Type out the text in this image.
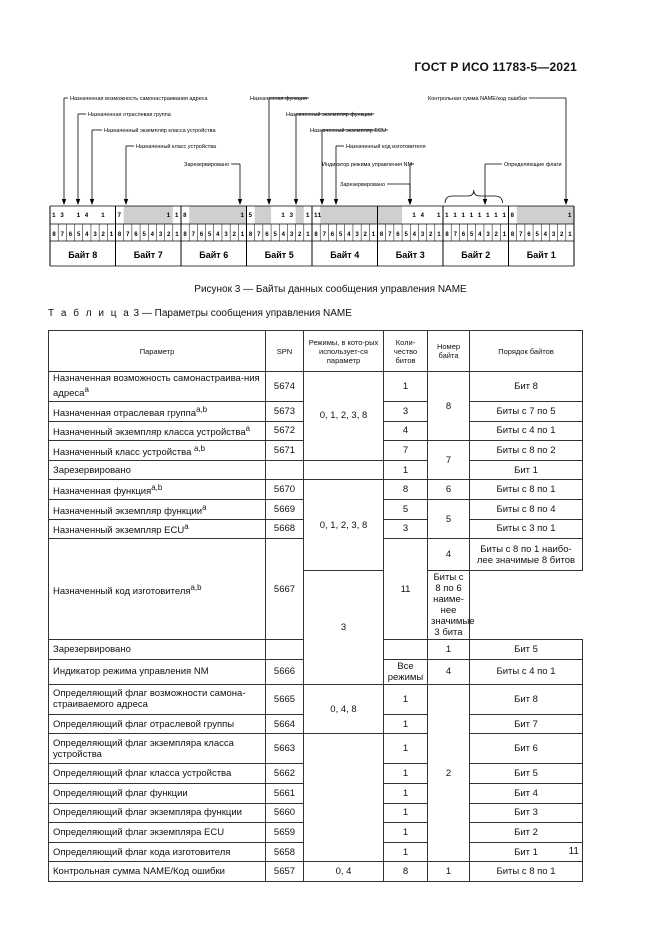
ГОСТ Р ИСО 11783-5—2021
Назначенная возможность самонастраивания адреса
Назначенная отраслевая группа
Назначенный экземпляр класса устройства
Назначенный класс устройства
Зарезервировано
Назначенная функция
Назначенный экземпляр функции
Назначенный экземпляр ECU
Назначенный код изготовителя
Индикатор режима управления NM
Зарезервировано
Контрольная сумма NAME/код ошибки
Определяющие флаги
8
1
7
3
6 5
1
4
4
3 2
1
1
Байт 8
8
7
7 6 5 4 3 2
1
1
1
Байт 7
8
8
7 6 5 4 3 2 1
1
Байт 6
8
5
7 6 5 4
1
3
3
2 1
1
Байт 5
8
11
7 6 5 4 3 2 1
Байт 4
8 7 6 5 4
1
3
4
2 1
1
Байт 3
8
1
7
1
6
1
5
1
4
1
3
1
2
1
1
1
Байт 2
8
8
7 6 5 4 3 2 1
1
Байт 1
Рисунок 3 — Байты данных сообщения управления NAME
Т а б л и ц а 3 — Параметры сообщения управления NAME
Параметр	SPN	Режимы, в кото-рых использует-ся параметр	Коли-чество битов	Номер байта	Порядок байтов
Назначенная возможность самонастраива-ния адреса$^a$	5674	0, 1, 2, 3, 8	1	8	Бит 8
Назначенная отраслевая группа$^{a,b}$	5673		3		Биты с 7 по 5
Назначенный экземпляр класса устройства$^a$	5672		4		Биты с 4 по 1
Назначенный класс устройства $^{a,b}$	5671		7	7	Биты с 8 по 2
Зарезервировано			1		Бит 1
Назначенная функция$^{a,b}$	5670	0, 1, 2, 3, 8	8	6	Биты с 8 по 1
Назначенный экземпляр функции$^a$	5669		5	5	Биты с 8 по 4
Назначенный экземпляр ECU$^a$	5668		3		Биты с 3 по 1
Назначенный код изготовителя$^{a,b}$	5667		11	4	Биты с 8 по 1 наибо-лее значимые 8 битов
		3		Биты с 8 по 6 наиме-нее значимые 3 бита	
Зарезервировано				1	Бит 5
Индикатор режима управления NM	5666		Все режимы	4	Биты с 4 по 1
Определяющий флаг возможности самона-страиваемого адреса	5665	0, 4, 8	1	2	Бит 8
Определяющий флаг отраслевой группы	5664		1		Бит 7
Определяющий флаг экземпляра класса устройства	5663		1		Бит 6
Определяющий флаг класса устройства	5662		1		Бит 5
Определяющий флаг функции	5661		1		Бит 4
Определяющий флаг экземпляра функции	5660		1		Бит 3
Определяющий флаг экземпляра ECU	5659		1		Бит 2
Определяющий флаг кода изготовителя	5658		1		Бит 1
Контрольная сумма NAME/Код ошибки	5657	0, 4	8	1	Биты с 8 по 1
11
